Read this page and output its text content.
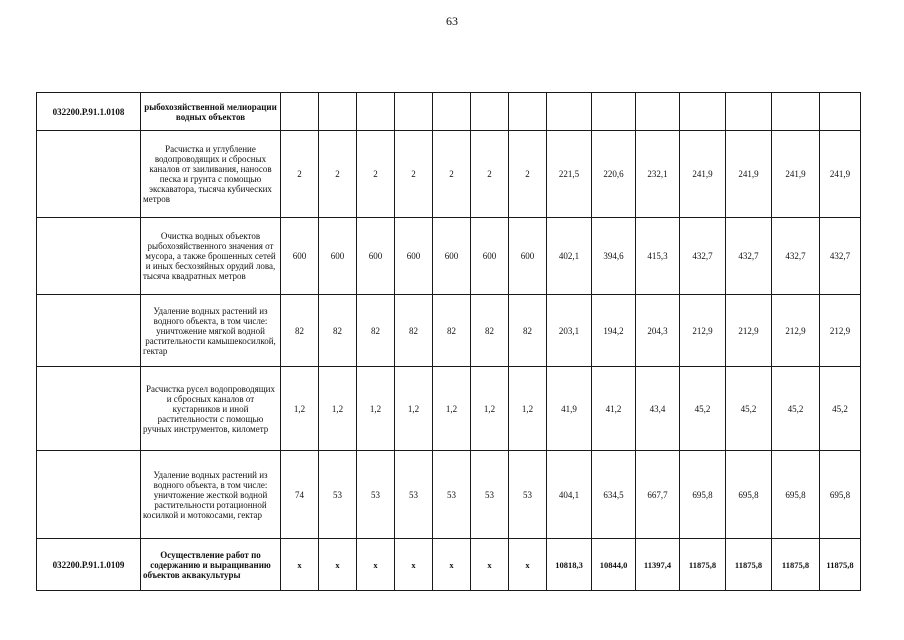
63
032200.Р.91.1.0108	рыбохозяйственной мелиорации водных объектов														
	Расчистка и углубление водопроводящих и сбросных каналов от заиливания, наносов песка и грунта с помощью экскаватора, тысяча кубических метров	2	2	2	2	2	2	2	221,5	220,6	232,1	241,9	241,9	241,9	241,9
	Очистка водных объектов рыбохозяйственного значения от мусора, а также брошенных сетей и иных бесхозяйных орудий лова, тысяча квадратных метров	600	600	600	600	600	600	600	402,1	394,6	415,3	432,7	432,7	432,7	432,7
	Удаление водных растений из водного объекта, в том числе: уничтожение мягкой водной растительности камышекосилкой, гектар	82	82	82	82	82	82	82	203,1	194,2	204,3	212,9	212,9	212,9	212,9
	Расчистка русел водопроводящих и сбросных каналов от кустарников и иной растительности с помощью ручных инструментов, километр	1,2	1,2	1,2	1,2	1,2	1,2	1,2	41,9	41,2	43,4	45,2	45,2	45,2	45,2
	Удаление водных растений из водного объекта, в том числе: уничтожение жесткой водной растительности ротационной косилкой и мотокосами, гектар	74	53	53	53	53	53	53	404,1	634,5	667,7	695,8	695,8	695,8	695,8
032200.Р.91.1.0109	Осуществление работ по содержанию и выращиванию объектов аквакультуры	х	х	х	х	х	х	х	10818,3	10844,0	11397,4	11875,8	11875,8	11875,8	11875,8
